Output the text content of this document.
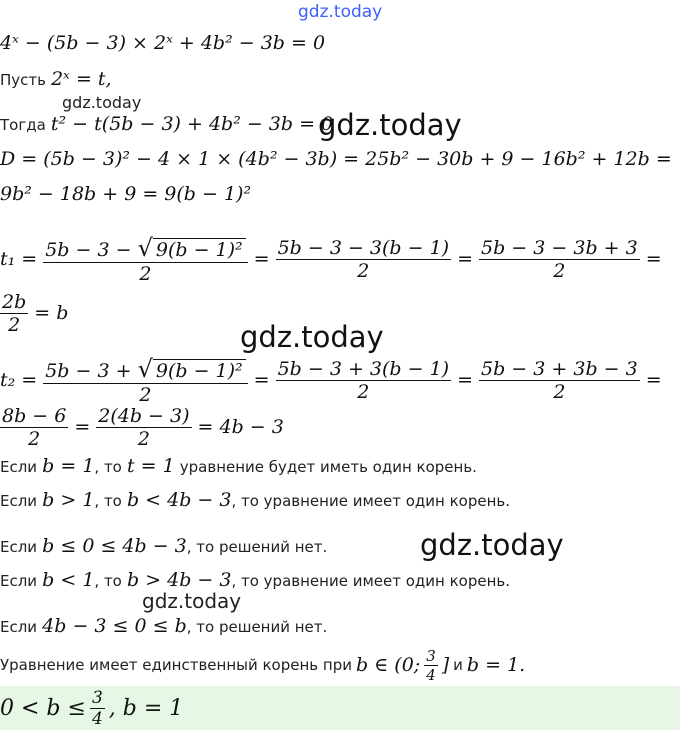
gdz.today
gdz.today
gdz.today
gdz.today
gdz.today
gdz.today
4ˣ − (5b − 3) × 2ˣ + 4b² − 3b = 0
Пусть 2ˣ = t,
Тогда t² − t(5b − 3) + 4b² − 3b = 0
D = (5b − 3)² − 4 × 1 × (4b² − 3b) = 25b² − 30b + 9 − 16b² + 12b =
9b² − 18b + 9 = 9(b − 1)²
$t_1 = \frac{\text{5b − 3 − √ 9(b − 1)²}}{2} = \frac{5b - 3 - 3(b - 1)}{2} = \frac{5b - 3 - 3b + 3}{2}$ =
$\frac{2b}{2} = b$
$t_2 = \frac{\text{5b − 3 + √ 9(b − 1)²}}{2} = \frac{5b - 3 + 3(b - 1)}{2} = \frac{5b - 3 + 3b - 3}{2}$ =
$\frac{8b - 6}{2} = \frac{2(4b - 3)}{2} = 4b - 3$
Если b = 1, то t = 1 уравнение будет иметь один корень.
Если b > 1, то b < 4b − 3, то уравнение имеет один корень.
Если b ≤ 0 ≤ 4b − 3, то решений нет.
Если b < 1, то b > 4b − 3, то уравнение имеет один корень.
Если 4b − 3 ≤ 0 ≤ b, то решений нет.
Уравнение имеет единственный корень при b ∈ (0; $\frac{3}{4}$ ] и b = 1.
$0 < b \le \frac{3}{4}$ , b = 1
